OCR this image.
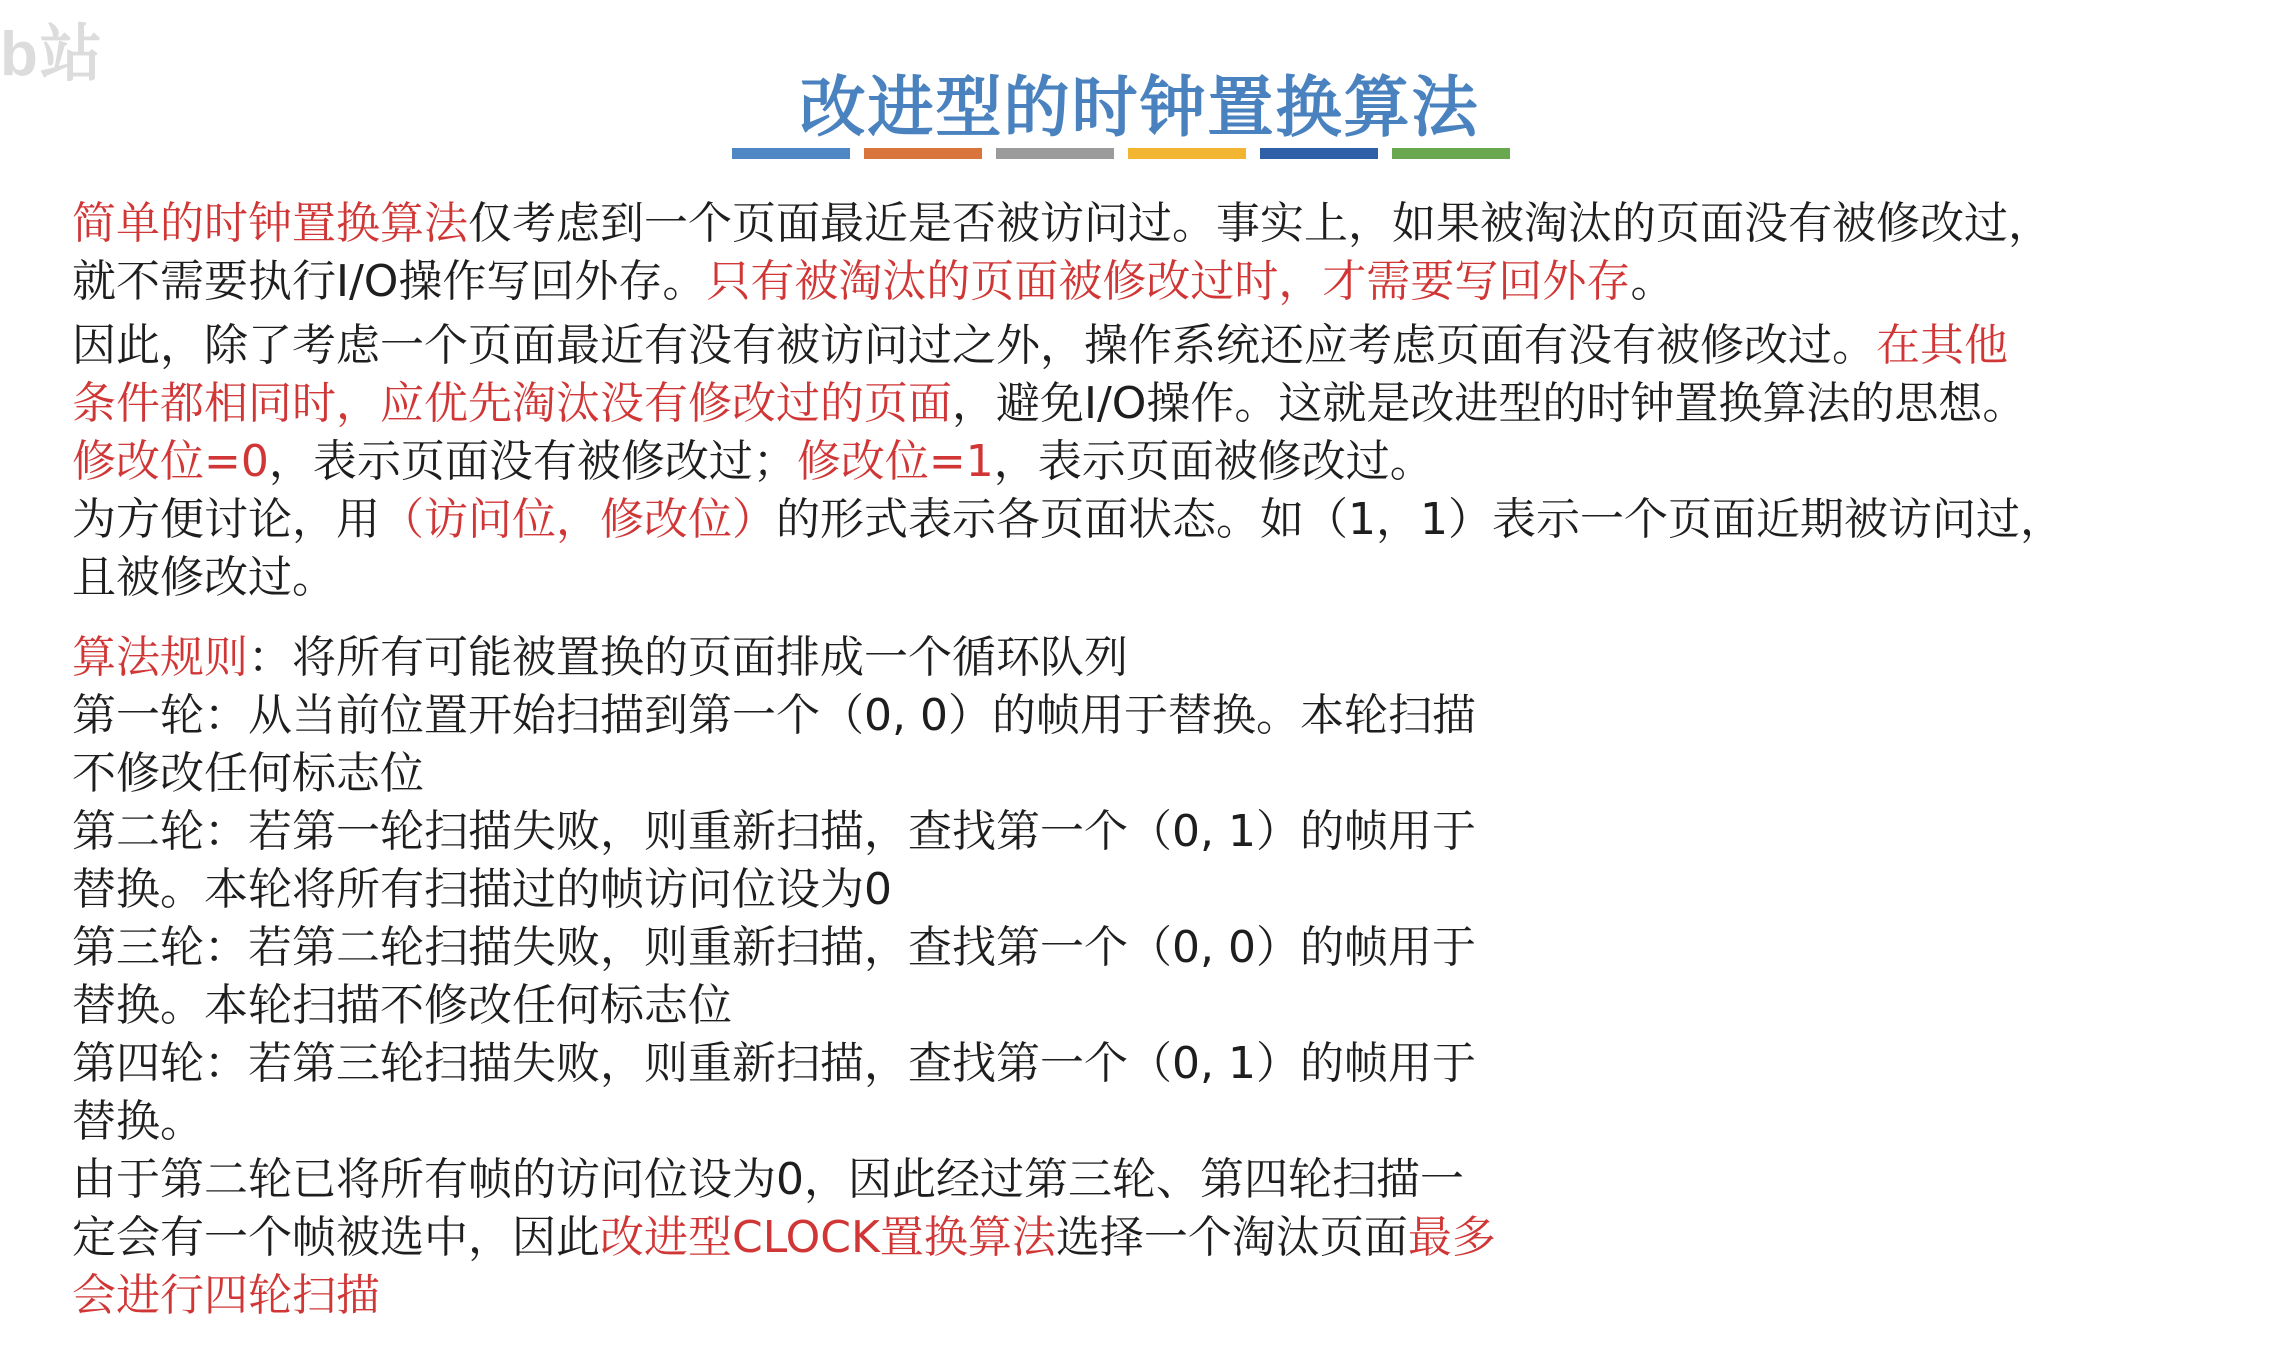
b站
改进型的时钟置换算法
简单的时钟置换算法仅考虑到一个页面最近是否被访问过。事实上，如果被淘汰的页面没有被修改过，
就不需要执行I/O操作写回外存。只有被淘汰的页面被修改过时，才需要写回外存。
因此，除了考虑一个页面最近有没有被访问过之外，操作系统还应考虑页面有没有被修改过。在其他
条件都相同时，应优先淘汰没有修改过的页面，避免I/O操作。这就是改进型的时钟置换算法的思想。
修改位=0，表示页面没有被修改过；修改位=1，表示页面被修改过。
为方便讨论，用（访问位，修改位）的形式表示各页面状态。如（1，1）表示一个页面近期被访问过，
且被修改过。
算法规则：将所有可能被置换的页面排成一个循环队列
第一轮：从当前位置开始扫描到第一个（0, 0）的帧用于替换。本轮扫描
不修改任何标志位
第二轮：若第一轮扫描失败，则重新扫描，查找第一个（0, 1）的帧用于
替换。本轮将所有扫描过的帧访问位设为0
第三轮：若第二轮扫描失败，则重新扫描，查找第一个（0, 0）的帧用于
替换。本轮扫描不修改任何标志位
第四轮：若第三轮扫描失败，则重新扫描，查找第一个（0, 1）的帧用于
替换。
由于第二轮已将所有帧的访问位设为0，因此经过第三轮、第四轮扫描一
定会有一个帧被选中，因此改进型CLOCK置换算法选择一个淘汰页面最多
会进行四轮扫描
